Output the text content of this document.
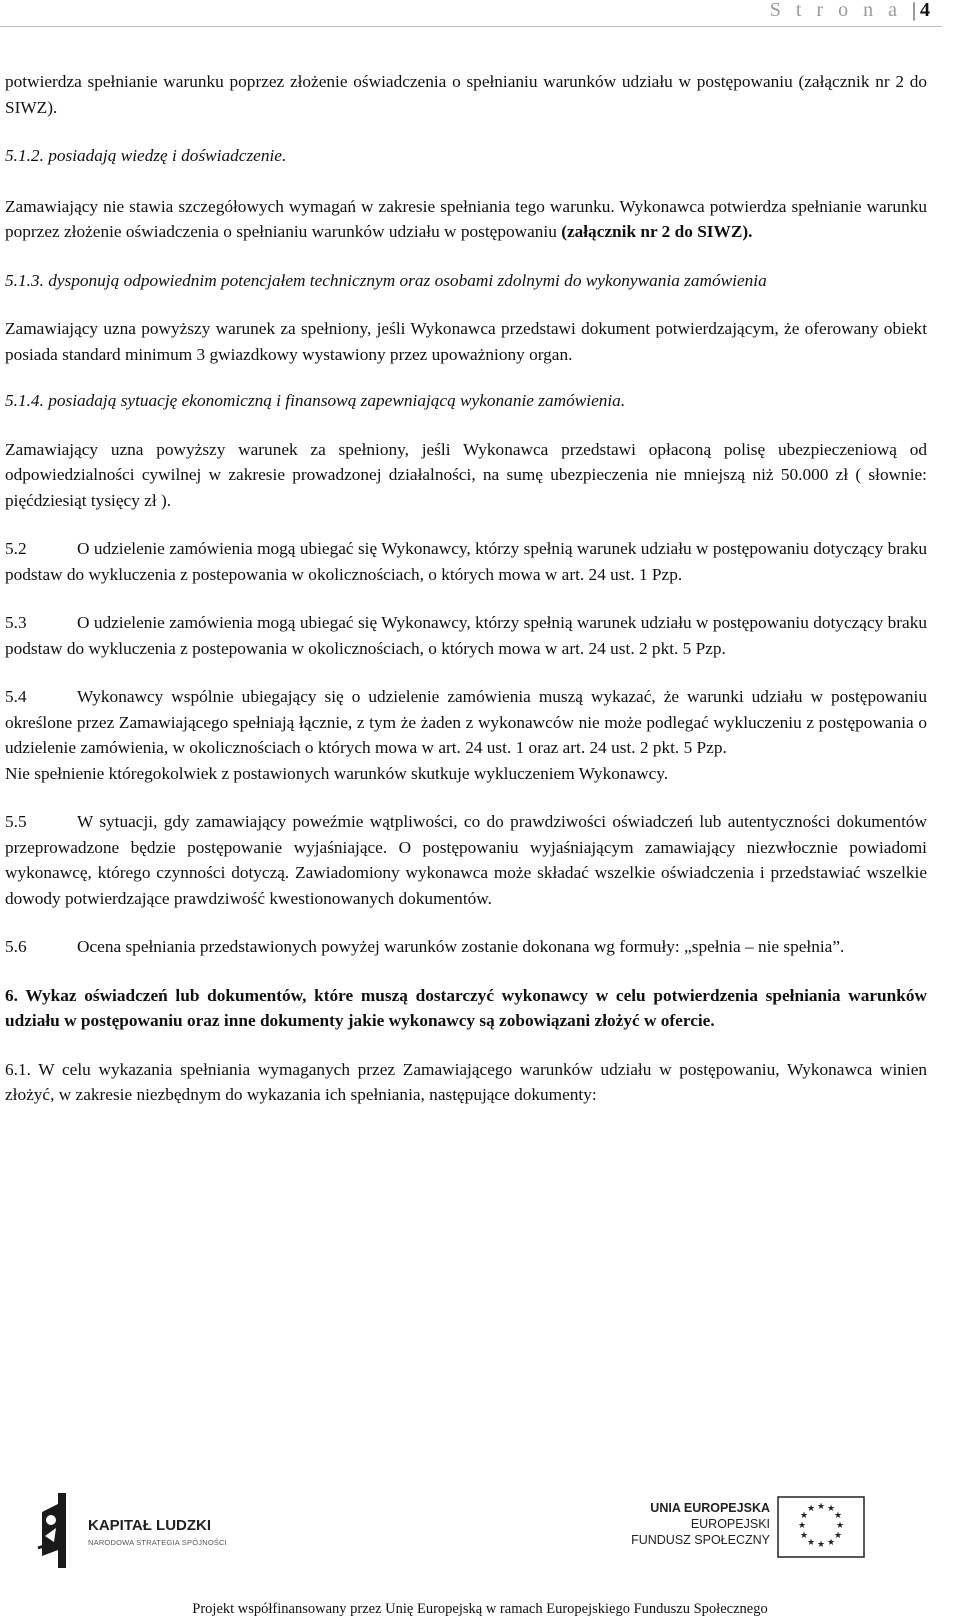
S t r o n a | 4

potwierdza spełnianie warunku poprzez złożenie oświadczenia o spełnianiu warunków udziału w postępowaniu (załącznik nr 2 do SIWZ).

5.1.2. posiadają wiedzę i doświadczenie.

Zamawiający nie stawia szczegółowych wymagań w zakresie spełniania tego warunku. Wykonawca potwierdza spełnianie warunku poprzez złożenie oświadczenia o spełnianiu warunków udziału w postępowaniu (załącznik nr 2 do SIWZ).

5.1.3. dysponują odpowiednim potencjałem technicznym oraz osobami zdolnymi do wykonywania zamówienia

Zamawiający uzna powyższy warunek za spełniony, jeśli Wykonawca przedstawi dokument potwierdzającym, że oferowany obiekt posiada standard minimum 3 gwiazdkowy wystawiony przez upoważniony organ.

5.1.4. posiadają sytuację ekonomiczną i finansową zapewniającą wykonanie zamówienia.

Zamawiający uzna powyższy warunek za spełniony, jeśli Wykonawca przedstawi opłaconą polisę ubezpieczeniową od odpowiedzialności cywilnej w zakresie prowadzonej działalności, na sumę ubezpieczenia nie mniejszą niż 50.000 zł ( słownie: pięćdziesiąt tysięcy zł ).

5.2	O udzielenie zamówienia mogą ubiegać się Wykonawcy, którzy spełnią warunek udziału w postępowaniu dotyczący braku podstaw do wykluczenia z postepowania w okolicznościach, o których mowa w art. 24 ust. 1 Pzp.

5.3	O udzielenie zamówienia mogą ubiegać się Wykonawcy, którzy spełnią warunek udziału w postępowaniu dotyczący braku podstaw do wykluczenia z postepowania w okolicznościach, o których mowa w art. 24 ust. 2 pkt. 5 Pzp.

5.4	Wykonawcy wspólnie ubiegający się o udzielenie zamówienia muszą wykazać, że warunki udziału w postępowaniu określone przez Zamawiającego spełniają łącznie, z tym że żaden z wykonawców nie może podlegać wykluczeniu z postępowania o udzielenie zamówienia, w okolicznościach o których mowa w art. 24 ust. 1 oraz art. 24 ust. 2 pkt. 5 Pzp.

Nie spełnienie któregokolwiek z postawionych warunków skutkuje wykluczeniem Wykonawcy.

5.5	W sytuacji, gdy zamawiający poweźmie wątpliwości, co do prawdziwości oświadczeń lub autentyczności dokumentów przeprowadzone będzie postępowanie wyjaśniające. O postępowaniu wyjaśniającym zamawiający niezwłocznie powiadomi wykonawcę, którego czynności dotyczą. Zawiadomiony wykonawca może składać wszelkie oświadczenia i przedstawiać wszelkie dowody potwierdzające prawdziwość kwestionowanych dokumentów.

5.6	Ocena spełniania przedstawionych powyżej warunków zostanie dokonana wg formuły: „spełnia – nie spełnia”.

6. Wykaz oświadczeń lub dokumentów, które muszą dostarczyć wykonawcy w celu potwierdzenia spełniania warunków udziału w postępowaniu oraz inne dokumenty jakie wykonawcy są zobowiązani złożyć w ofercie.

6.1. W celu wykazania spełniania wymaganych przez Zamawiającego warunków udziału w postępowaniu, Wykonawca winien złożyć, w zakresie niezbędnym do wykazania ich spełniania, następujące dokumenty:

KAPITAŁ LUDZKI
NARODOWA STRATEGIA SPÓJNOŚCI
UNIA EUROPEJSKA
EUROPEJSKI
FUNDUSZ SPOŁECZNY
★ ★
★
★
★
★
★
★
★
★
★
★
Projekt współfinansowany przez Unię Europejską w ramach Europejskiego Funduszu Społecznego
